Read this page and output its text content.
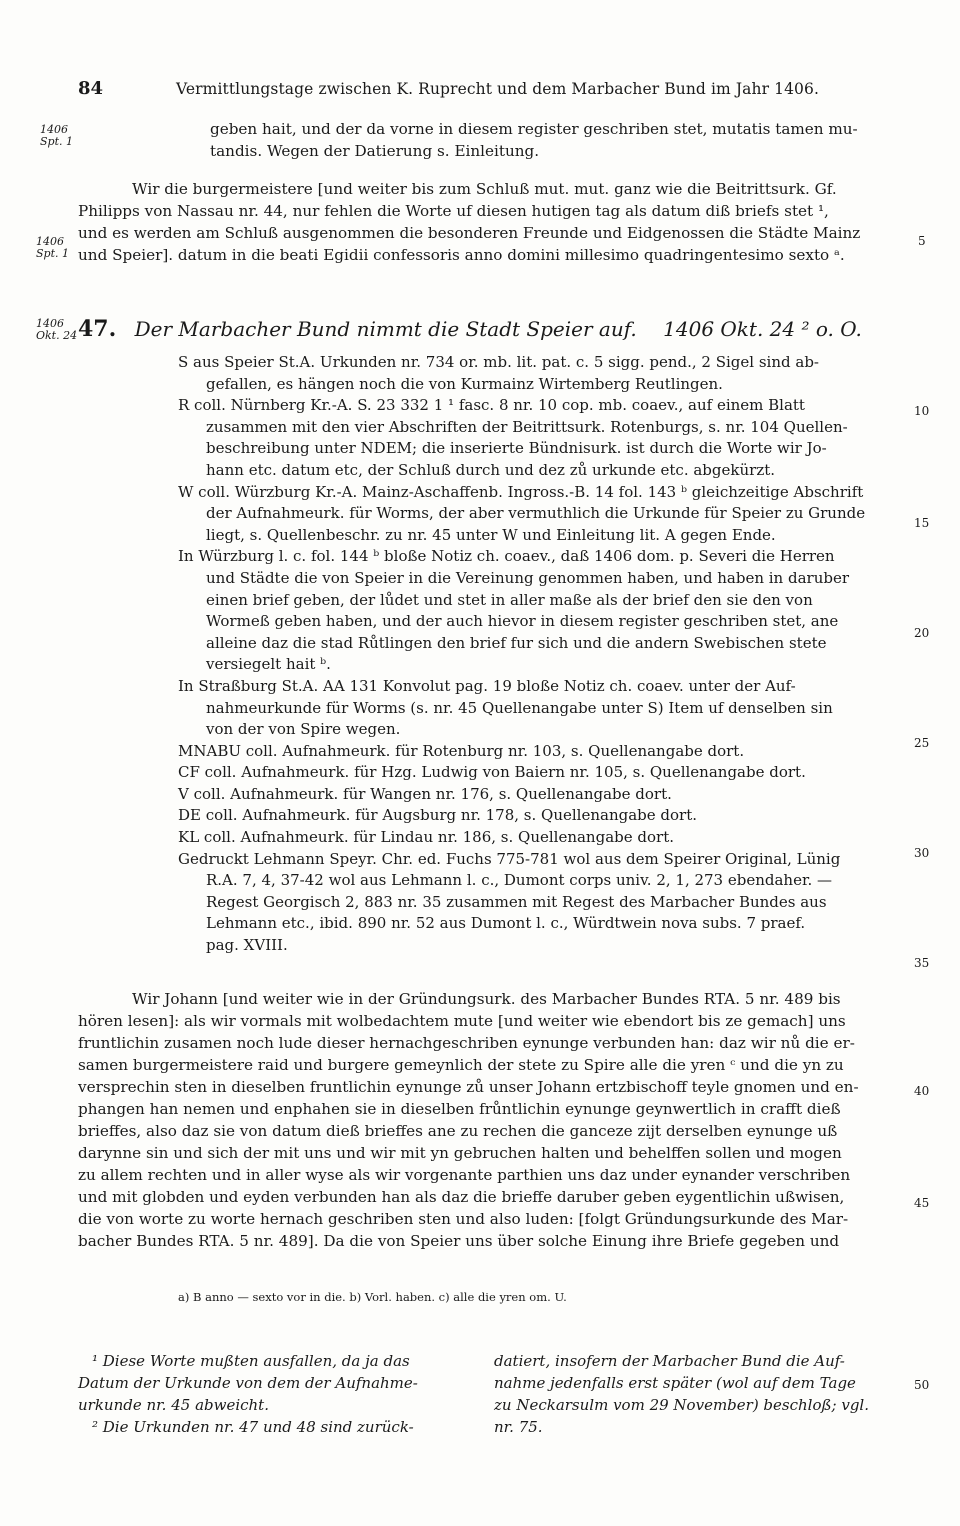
84	Vermittlungstage zwischen K. Ruprecht und dem Marbacher Bund im Jahr 1406.
1406
Spt. 1
1406
Spt. 1
1406
Okt. 24
5
10
15
20
25
30
35
40
45
50
geben hait, und der da vorne in diesem register geschriben stet, mutatis tamen mu-
tandis. Wegen der Datierung s. Einleitung.
Wir die burgermeistere [und weiter bis zum Schluß mut. mut. ganz wie die Beitrittsurk. Gf.
Philipps von Nassau nr. 44, nur fehlen die Worte uf diesen hutigen tag als datum diß briefs stet ¹,
und es werden am Schluß ausgenommen die besonderen Freunde und Eidgenossen die Städte Mainz
und Speier]. datum in die beati Egidii confessoris anno domini millesimo quadringentesimo sexto ᵃ.
47. Der Marbacher Bund nimmt die Stadt Speier auf. 1406 Okt. 24 ² o. O.
S aus Speier St.A. Urkunden nr. 734 or. mb. lit. pat. c. 5 sigg. pend., 2 Sigel sind ab-
gefallen, es hängen noch die von Kurmainz Wirtemberg Reutlingen.
R coll. Nürnberg Kr.-A. S. 23 332 1 ¹ fasc. 8 nr. 10 cop. mb. coaev., auf einem Blatt
zusammen mit den vier Abschriften der Beitrittsurk. Rotenburgs, s. nr. 104 Quellen-
beschreibung unter NDEM; die inserierte Bündnisurk. ist durch die Worte wir Jo-
hann etc. datum etc, der Schluß durch und dez zů urkunde etc. abgekürzt.
W coll. Würzburg Kr.-A. Mainz-Aschaffenb. Ingross.-B. 14 fol. 143 ᵇ gleichzeitige Abschrift
der Aufnahmeurk. für Worms, der aber vermuthlich die Urkunde für Speier zu Grunde
liegt, s. Quellenbeschr. zu nr. 45 unter W und Einleitung lit. A gegen Ende.
In Würzburg l. c. fol. 144 ᵇ bloße Notiz ch. coaev., daß 1406 dom. p. Severi die Herren
und Städte die von Speier in die Vereinung genommen haben, und haben in daruber
einen brief geben, der lůdet und stet in aller maße als der brief den sie den von
Wormeß geben haben, und der auch hievor in diesem register geschriben stet, ane
alleine daz die stad Růtlingen den brief fur sich und die andern Swebischen stete
versiegelt hait ᵇ.
In Straßburg St.A. AA 131 Konvolut pag. 19 bloße Notiz ch. coaev. unter der Auf-
nahmeurkunde für Worms (s. nr. 45 Quellenangabe unter S) Item uf denselben sin
von der von Spire wegen.
MNABU coll. Aufnahmeurk. für Rotenburg nr. 103, s. Quellenangabe dort.
CF coll. Aufnahmeurk. für Hzg. Ludwig von Baiern nr. 105, s. Quellenangabe dort.
V coll. Aufnahmeurk. für Wangen nr. 176, s. Quellenangabe dort.
DE coll. Aufnahmeurk. für Augsburg nr. 178, s. Quellenangabe dort.
KL coll. Aufnahmeurk. für Lindau nr. 186, s. Quellenangabe dort.
Gedruckt Lehmann Speyr. Chr. ed. Fuchs 775-781 wol aus dem Speirer Original, Lünig
R.A. 7, 4, 37-42 wol aus Lehmann l. c., Dumont corps univ. 2, 1, 273 ebendaher. —
Regest Georgisch 2, 883 nr. 35 zusammen mit Regest des Marbacher Bundes aus
Lehmann etc., ibid. 890 nr. 52 aus Dumont l. c., Würdtwein nova subs. 7 praef.
pag. XVIII.
Wir Johann [und weiter wie in der Gründungsurk. des Marbacher Bundes RTA. 5 nr. 489 bis
hören lesen]: als wir vormals mit wolbedachtem mute [und weiter wie ebendort bis ze gemach] uns
fruntlichin zusamen noch lude dieser hernachgeschriben eynunge verbunden han: daz wir nů die er-
samen burgermeistere raid und burgere gemeynlich der stete zu Spire alle die yren ᶜ und die yn zu
versprechin sten in dieselben fruntlichin eynunge zů unser Johann ertzbischoff teyle gnomen und en-
phangen han nemen und enphahen sie in dieselben frůntlichin eynunge geynwertlich in crafft dieß
brieffes, also daz sie von datum dieß brieffes ane zu rechen die ganceze zijt derselben eynunge uß
darynne sin und sich der mit uns und wir mit yn gebruchen halten und behelffen sollen und mogen
zu allem rechten und in aller wyse als wir vorgenante parthien uns daz under eynander verschriben
und mit globden und eyden verbunden han als daz die brieffe daruber geben eygentlichin ußwisen,
die von worte zu worte hernach geschriben sten und also luden: [folgt Gründungsurkunde des Mar-
bacher Bundes RTA. 5 nr. 489]. Da die von Speier uns über solche Einung ihre Briefe gegeben und
a) B anno — sexto vor in die. b) Vorl. haben. c) alle die yren om. U.
¹ Diese Worte mußten ausfallen, da ja das
Datum der Urkunde von dem der Aufnahme-
urkunde nr. 45 abweicht.
² Die Urkunden nr. 47 und 48 sind zurück-
datiert, insofern der Marbacher Bund die Auf-
nahme jedenfalls erst später (wol auf dem Tage
zu Neckarsulm vom 29 November) beschloß; vgl.
nr. 75.
